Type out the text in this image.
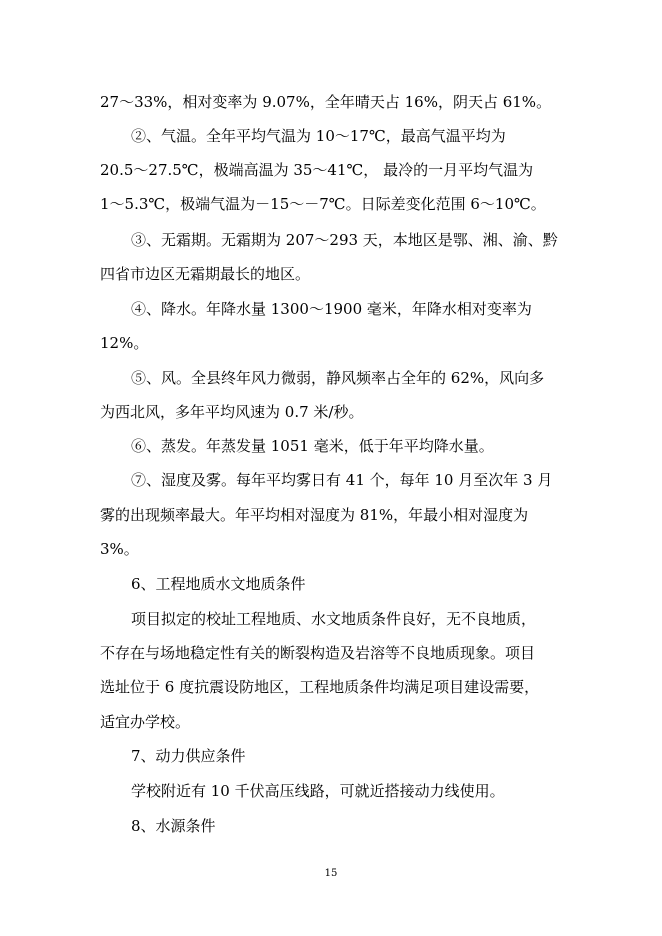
27～33%，相对变率为 9.07%，全年晴天占 16%，阴天占 61%。
②、气温。全年平均气温为 10～17℃，最高气温平均为
20.5～27.5℃，极端高温为 35～41℃， 最冷的一月平均气温为
1～5.3℃，极端气温为－15～－7℃。日际差变化范围 6～10℃。
③、无霜期。无霜期为 207～293 天，本地区是鄂、湘、渝、黔
四省市边区无霜期最长的地区。
④、降水。年降水量 1300～1900 毫米，年降水相对变率为
12%。
⑤、风。全县终年风力微弱，静风频率占全年的 62%，风向多
为西北风，多年平均风速为 0.7 米/秒。
⑥、蒸发。年蒸发量 1051 毫米，低于年平均降水量。
⑦、湿度及雾。每年平均雾日有 41 个，每年 10 月至次年 3 月
雾的出现频率最大。年平均相对湿度为 81%，年最小相对湿度为
3%。
6、工程地质水文地质条件
项目拟定的校址工程地质、水文地质条件良好，无不良地质，
不存在与场地稳定性有关的断裂构造及岩溶等不良地质现象。项目
选址位于 6 度抗震设防地区，工程地质条件均满足项目建设需要，
适宜办学校。
7、动力供应条件
学校附近有 10 千伏高压线路，可就近搭接动力线使用。
8、水源条件
15
